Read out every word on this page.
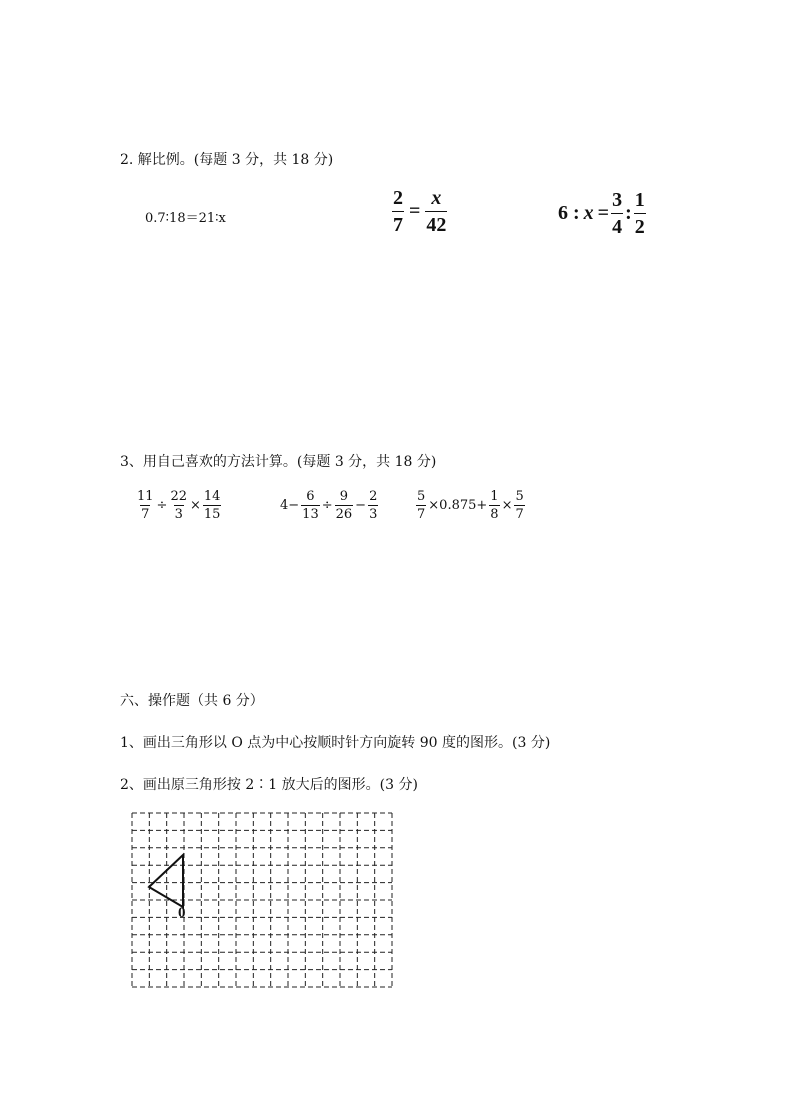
2. 解比例。(每题 3 分，共 18 分)
0.7∶18＝21∶x	$\frac{2}{7} = \frac{x}{42}$	6 : $x = \frac{3}{4}$ : $\frac{1}{2}$
3、用自己喜欢的方法计算。(每题 3 分，共 18 分)
$\frac{11}{7} \div \frac{22}{3} \times \frac{14}{15}$	$4- \frac{6}{13} \div \frac{9}{26} - \frac{2}{3}$	$\frac{5}{7} \times 0.875+ \frac{1}{8} \times \frac{5}{7}$
六、操作题（共 6 分）
1、画出三角形以 O 点为中心按顺时针方向旋转 90 度的图形。(3 分)
2、画出原三角形按 2∶1 放大后的图形。(3 分)
0
